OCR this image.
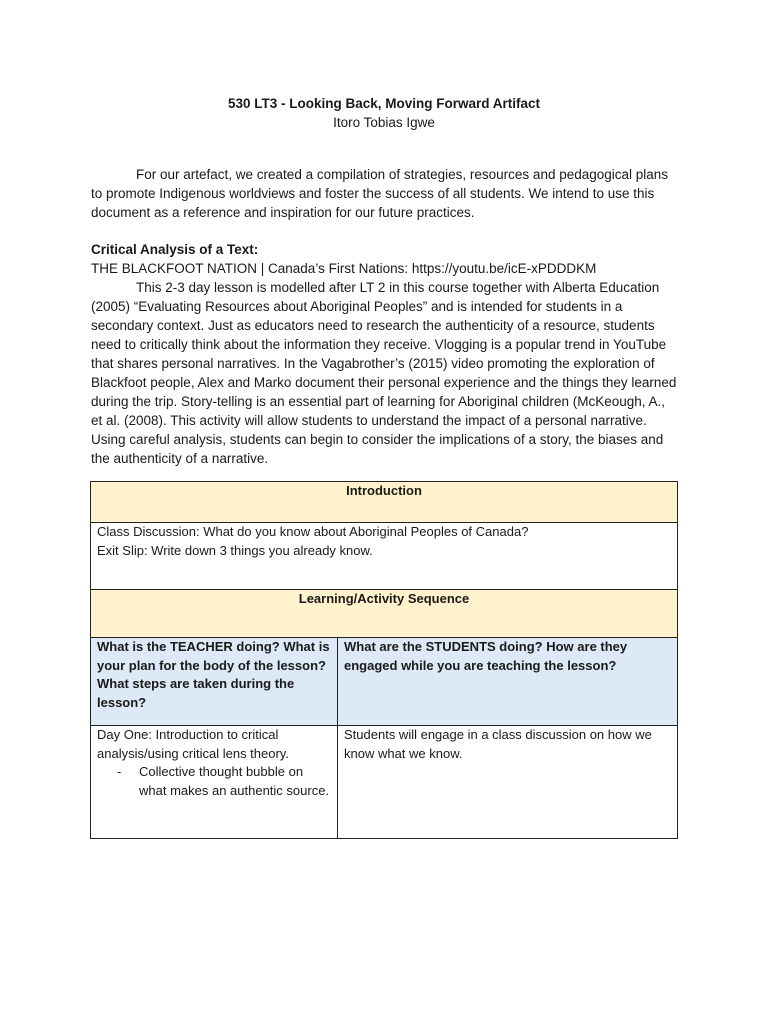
530 LT3 - Looking Back, Moving Forward Artifact
Itoro Tobias Igwe

For our artefact, we created a compilation of strategies, resources and pedagogical plans to promote Indigenous worldviews and foster the success of all students. We intend to use this document as a reference and inspiration for our future practices.

Critical Analysis of a Text:

THE BLACKFOOT NATION | Canada’s First Nations: https://youtu.be/icE-xPDDDKM

This 2-3 day lesson is modelled after LT 2 in this course together with Alberta Education (2005) “Evaluating Resources about Aboriginal Peoples” and is intended for students in a secondary context. Just as educators need to research the authenticity of a resource, students need to critically think about the information they receive. Vlogging is a popular trend in YouTube that shares personal narratives. In the Vagabrother’s (2015) video promoting the exploration of Blackfoot people, Alex and Marko document their personal experience and the things they learned during the trip. Story-telling is an essential part of learning for Aboriginal children (McKeough, A., et al. (2008). This activity will allow students to understand the impact of a personal narrative. Using careful analysis, students can begin to consider the implications of a story, the biases and the authenticity of a narrative.

Introduction	

Class Discussion: What do you know about Aboriginal Peoples of Canada?
Exit Slip: Write down 3 things you already know.	

Learning/Activity Sequence	
What is the TEACHER doing? What is your plan for the body of the lesson? What steps are taken during the lesson?	What are the STUDENTS doing? How are they engaged while you are teaching the lesson?

Day One: Introduction to critical analysis/using critical lens theory.
- Collective thought bubble on what makes an authentic source.	Students will engage in a class discussion on how we know what we know.
